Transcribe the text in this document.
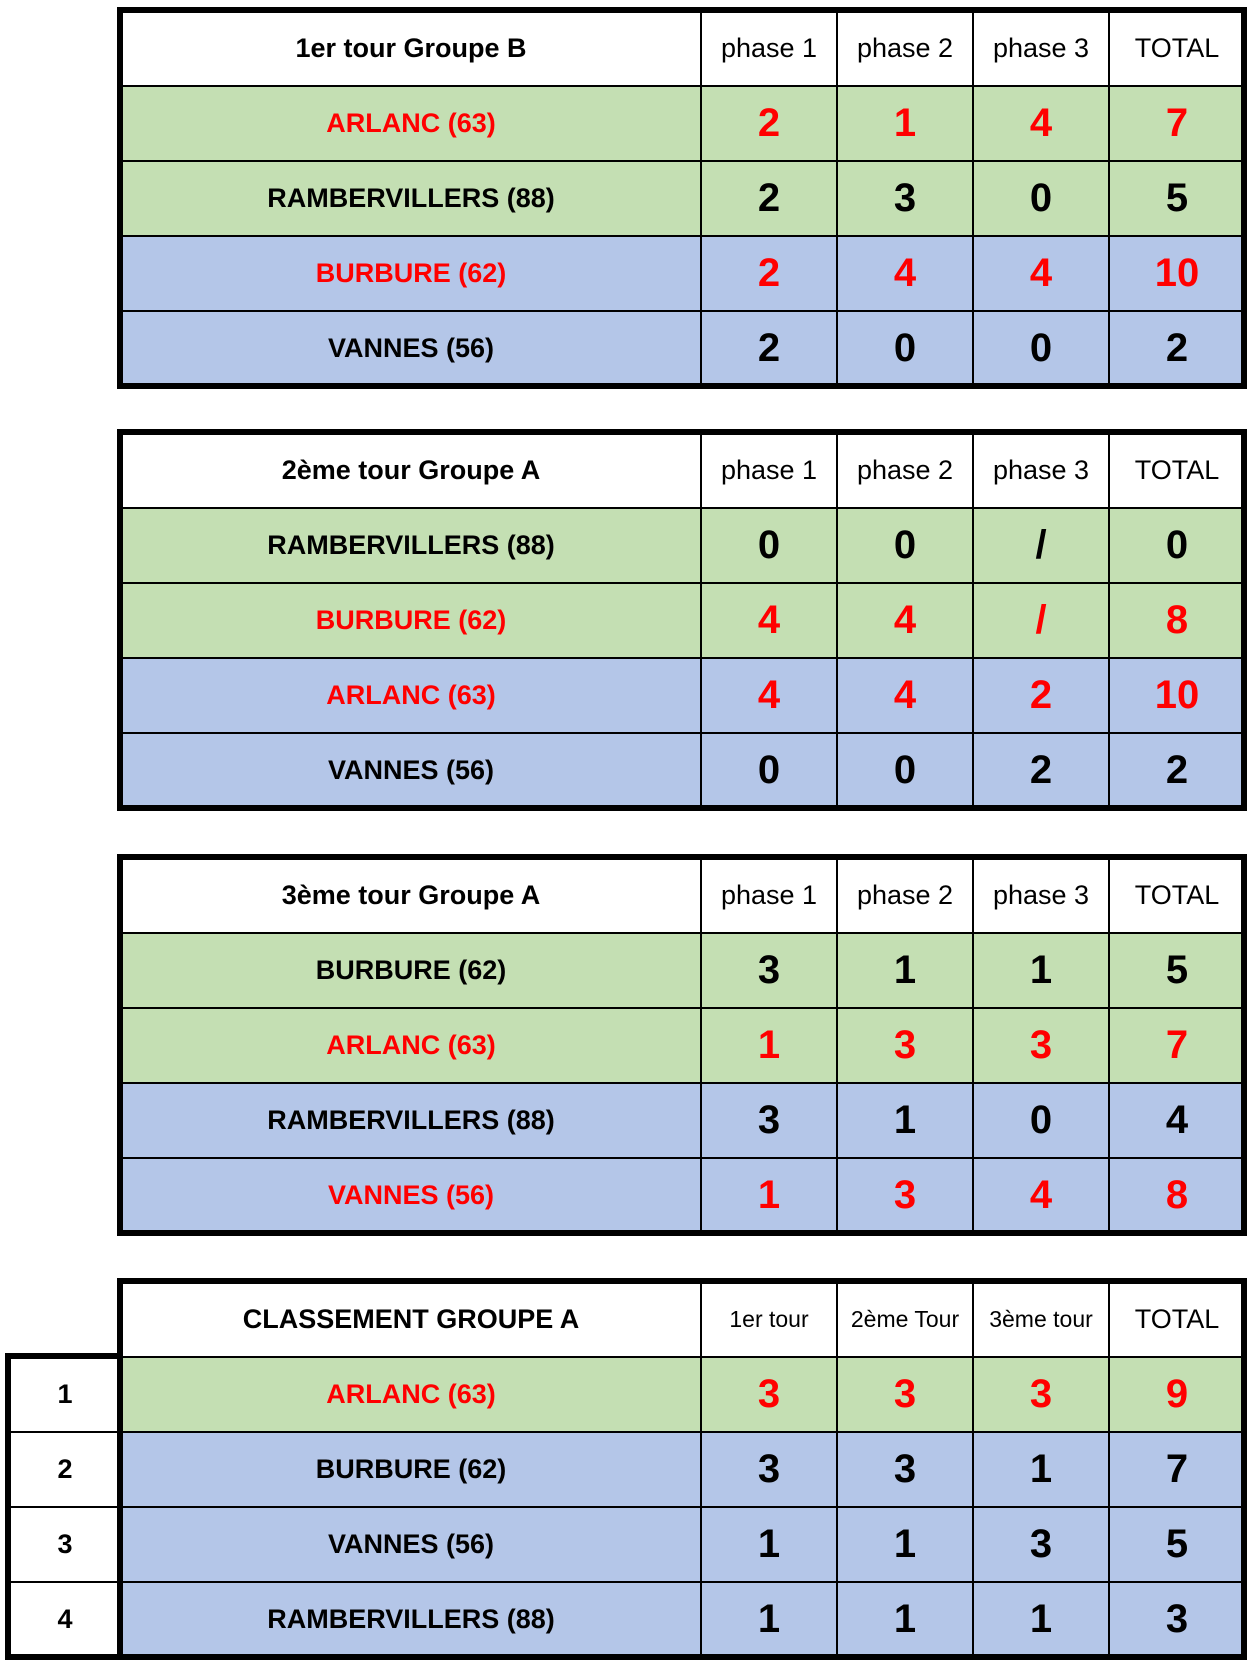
1er tour Groupe B	phase 1	phase 2	phase 3	TOTAL
ARLANC (63)	2	1	4	7
RAMBERVILLERS (88)	2	3	0	5
BURBURE (62)	2	4	4	10
VANNES (56)	2	0	0	2
2ème tour Groupe A	phase 1	phase 2	phase 3	TOTAL
RAMBERVILLERS (88)	0	0	/	0
BURBURE (62)	4	4	/	8
ARLANC (63)	4	4	2	10
VANNES (56)	0	0	2	2
3ème tour Groupe A	phase 1	phase 2	phase 3	TOTAL
BURBURE (62)	3	1	1	5
ARLANC (63)	1	3	3	7
RAMBERVILLERS (88)	3	1	0	4
VANNES (56)	1	3	4	8
	CLASSEMENT GROUPE A	1er tour	2ème Tour	3ème tour	TOTAL
1	ARLANC (63)	3	3	3	9
2	BURBURE (62)	3	3	1	7
3	VANNES (56)	1	1	3	5
4	RAMBERVILLERS (88)	1	1	1	3
